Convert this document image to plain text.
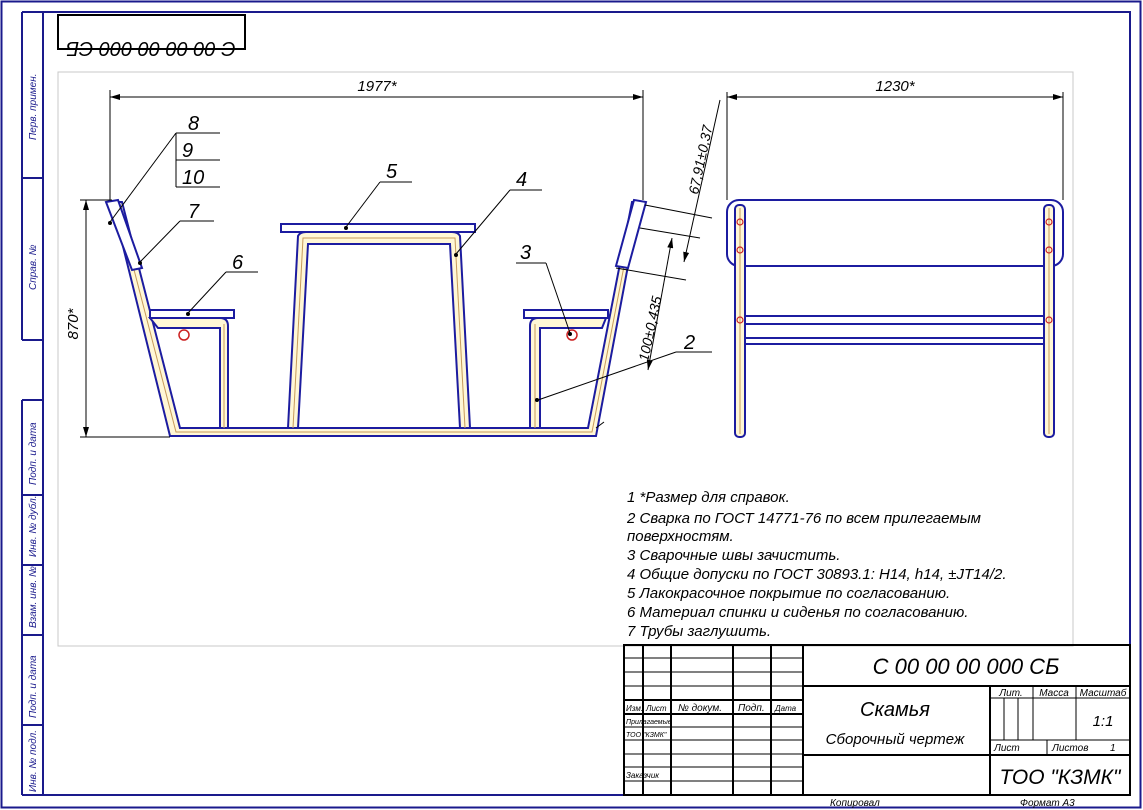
Перв. примен.
Справ. №
Подп. и дата
Инв. № дубл.
Взам. инв. №
Подп. и дата
Инв. № подл.
С 00 00 00 000 СБ
1977*
870*
67,91±0,37
100±0,435
8
9
10
7
6
5	4
3
2
1230*
С 00 00 00 000 СБ
Скамья
Сборочный чертеж
ТОО "КЗМК"
1:1
Изм. Лист № докум. Подп. Дата
Прилагаемые
ТОО "КЗМК"
Заказчик
Лит. Масса Масштаб
Лист	Листов 1
Копировал	Формат А3
1 *Размер для справок.
2 Сварка по ГОСТ 14771-76 по всем прилегаемым
поверхностям.
3 Сварочные швы зачистить.
4 Общие допуски по ГОСТ 30893.1: H14, h14, ±JT14/2.
5 Лакокрасочное покрытие по согласованию.
6 Материал спинки и сиденья по согласованию.
7 Трубы заглушить.
